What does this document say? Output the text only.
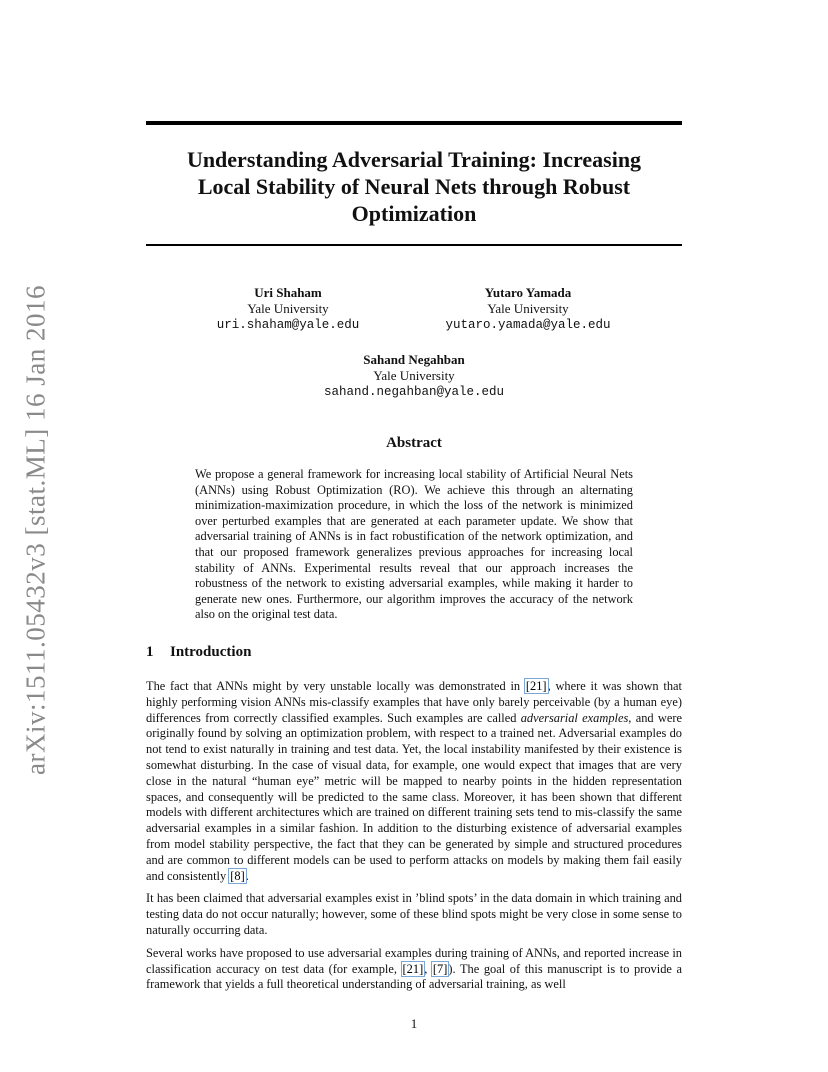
arXiv:1511.05432v3 [stat.ML] 16 Jan 2016
Understanding Adversarial Training: Increasing
Local Stability of Neural Nets through Robust
Optimization
Uri Shaham
Yale University
uri.shaham@yale.edu
Yutaro Yamada
Yale University
yutaro.yamada@yale.edu
Sahand Negahban
Yale University
sahand.negahban@yale.edu
Abstract
We propose a general framework for increasing local stability of Artificial Neural Nets (ANNs) using Robust Optimization (RO). We achieve this through an alternating minimization-maximization procedure, in which the loss of the network is minimized over perturbed examples that are generated at each parameter update. We show that adversarial training of ANNs is in fact robustification of the network optimization, and that our proposed framework generalizes previous approaches for increasing local stability of ANNs. Experimental results reveal that our approach increases the robustness of the network to existing adversarial examples, while making it harder to generate new ones. Furthermore, our algorithm improves the accuracy of the network also on the original test data.
1 Introduction

The fact that ANNs might by very unstable locally was demonstrated in [21], where it was shown that highly performing vision ANNs mis-classify examples that have only barely perceivable (by a human eye) differences from correctly classified examples. Such examples are called adversarial examples, and were originally found by solving an optimization problem, with respect to a trained net. Adversarial examples do not tend to exist naturally in training and test data. Yet, the local instability manifested by their existence is somewhat disturbing. In the case of visual data, for example, one would expect that images that are very close in the natural “human eye” metric will be mapped to nearby points in the hidden representation spaces, and consequently will be predicted to the same class. Moreover, it has been shown that different models with different architectures which are trained on different training sets tend to mis-classify the same adversarial examples in a similar fashion. In addition to the disturbing existence of adversarial examples from model stability perspective, the fact that they can be generated by simple and structured procedures and are common to different models can be used to perform attacks on models by making them fail easily and consistently [8].

It has been claimed that adversarial examples exist in ’blind spots’ in the data domain in which training and testing data do not occur naturally; however, some of these blind spots might be very close in some sense to naturally occurring data.

Several works have proposed to use adversarial examples during training of ANNs, and reported increase in classification accuracy on test data (for example, [21], [7]). The goal of this manuscript is to provide a framework that yields a full theoretical understanding of adversarial training, as well

1
